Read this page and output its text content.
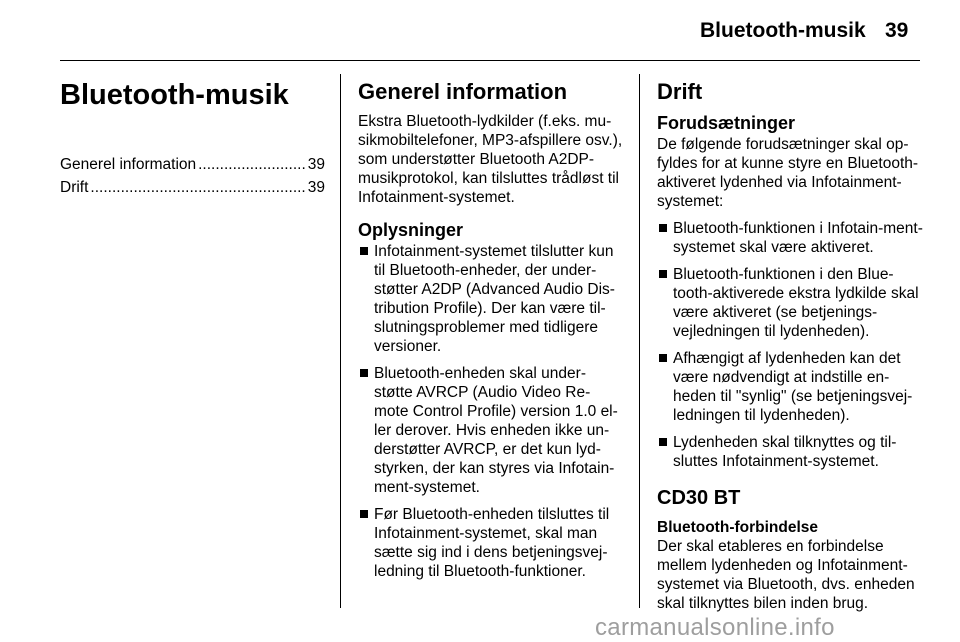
Bluetooth-musik 39
Bluetooth-musik
Generel information .....	39
Drift .....	39
Generel information

Ekstra Bluetooth-lydkilder (f.eks. mu-sikmobiltelefoner, MP3-afspillere osv.), som understøtter Bluetooth A2DP-musikprotokol, kan tilsluttes trådløst til Infotainment-systemet.

Oplysninger
Infotainment-systemet tilslutter kun til Bluetooth-enheder, der under-støtter A2DP (Advanced Audio Dis-tribution Profile). Der kan være til-slutningsproblemer med tidligere versioner.
Bluetooth-enheden skal under-støtte AVRCP (Audio Video Re-mote Control Profile) version 1.0 el-ler derover. Hvis enheden ikke un-derstøtter AVRCP, er det kun lyd-styrken, der kan styres via Infotain-ment-systemet.
Før Bluetooth-enheden tilsluttes til Infotainment-systemet, skal man sætte sig ind i dens betjeningsvej-ledning til Bluetooth-funktioner.
Drift
Forudsætninger

De følgende forudsætninger skal op-fyldes for at kunne styre en Bluetooth-aktiveret lydenhed via Infotainment-systemet:

Bluetooth-funktionen i Infotain-ment-systemet skal være aktiveret.
Bluetooth-funktionen i den Blue-tooth-aktiverede ekstra lydkilde skal være aktiveret (se betjenings-vejledningen til lydenheden).
Afhængigt af lydenheden kan det være nødvendigt at indstille en-heden til "synlig" (se betjeningsvej-ledningen til lydenheden).
Lydenheden skal tilknyttes og til-sluttes Infotainment-systemet.
CD30 BT
Bluetooth-forbindelse

Der skal etableres en forbindelse mellem lydenheden og Infotainment-systemet via Bluetooth, dvs. enheden skal tilknyttes bilen inden brug.

carmanualsonline.info
